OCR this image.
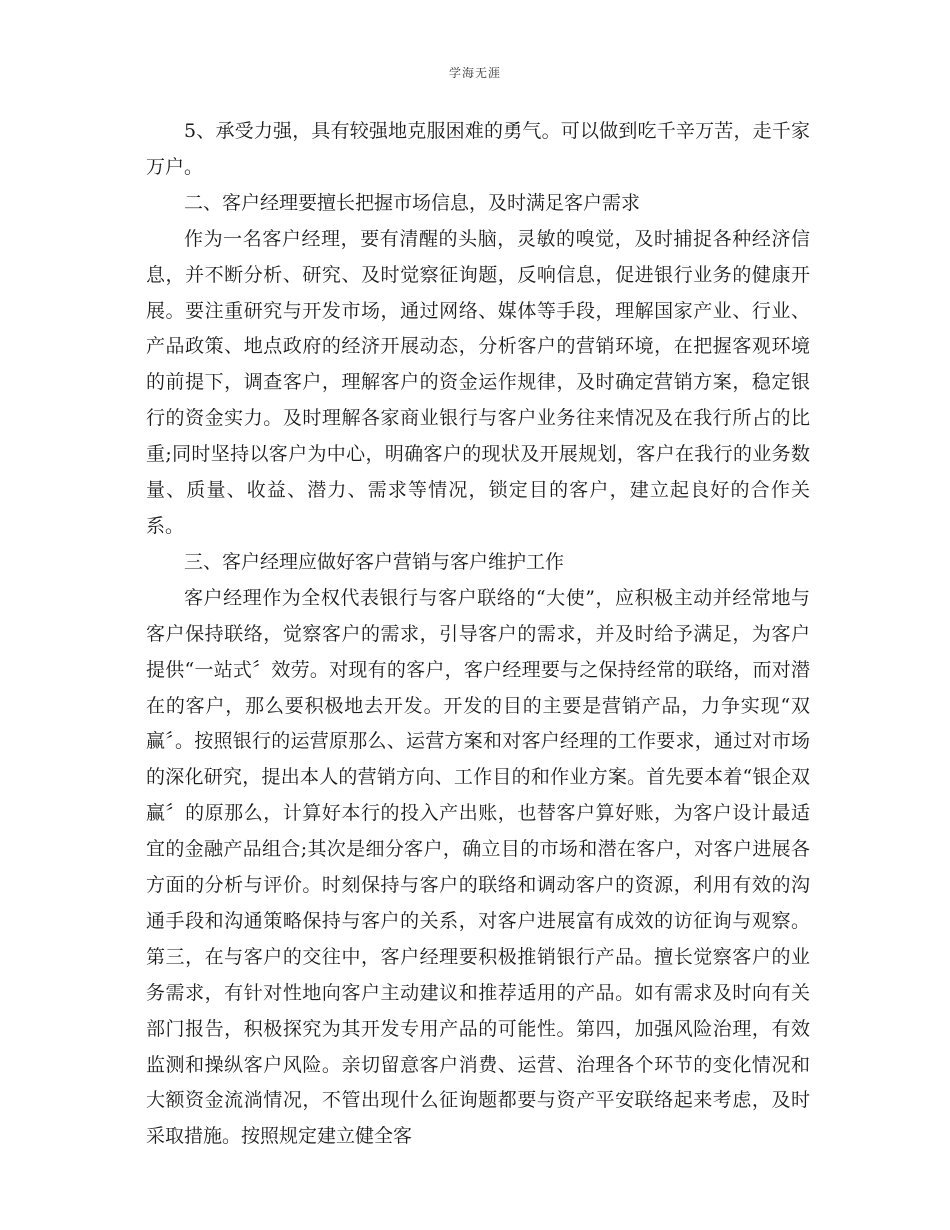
学海无涯

5、承受力强，具有较强地克服困难的勇气。可以做到吃千辛万苦，走千家万户。

二、客户经理要擅长把握市场信息，及时满足客户需求

作为一名客户经理，要有清醒的头脑，灵敏的嗅觉，及时捕捉各种经济信息，并不断分析、研究、及时觉察征询题，反响信息，促进银行业务的健康开展。要注重研究与开发市场，通过网络、媒体等手段，理解国家产业、行业、产品政策、地点政府的经济开展动态，分析客户的营销环境，在把握客观环境的前提下，调查客户，理解客户的资金运作规律，及时确定营销方案，稳定银行的资金实力。及时理解各家商业银行与客户业务往来情况及在我行所占的比重;同时坚持以客户为中心，明确客户的现状及开展规划，客户在我行的业务数量、质量、收益、潜力、需求等情况，锁定目的客户，建立起良好的合作关系。

三、客户经理应做好客户营销与客户维护工作

客户经理作为全权代表银行与客户联络的“大使”，应积极主动并经常地与客户保持联络，觉察客户的需求，引导客户的需求，并及时给予满足，为客户提供“一站式〞效劳。对现有的客户，客户经理要与之保持经常的联络，而对潜在的客户，那么要积极地去开发。开发的目的主要是营销产品，力争实现“双赢〞。按照银行的运营原那么、运营方案和对客户经理的工作要求，通过对市场的深化研究，提出本人的营销方向、工作目的和作业方案。首先要本着“银企双赢〞的原那么，计算好本行的投入产出账，也替客户算好账，为客户设计最适宜的金融产品组合;其次是细分客户，确立目的市场和潜在客户，对客户进展各方面的分析与评价。时刻保持与客户的联络和调动客户的资源，利用有效的沟通手段和沟通策略保持与客户的关系，对客户进展富有成效的访征询与观察。第三，在与客户的交往中，客户经理要积极推销银行产品。擅长觉察客户的业务需求，有针对性地向客户主动建议和推荐适用的产品。如有需求及时向有关部门报告，积极探究为其开发专用产品的可能性。第四，加强风险治理，有效监测和操纵客户风险。亲切留意客户消费、运营、治理各个环节的变化情况和大额资金流淌情况，不管出现什么征询题都要与资产平安联络起来考虑，及时采取措施。按照规定建立健全客
